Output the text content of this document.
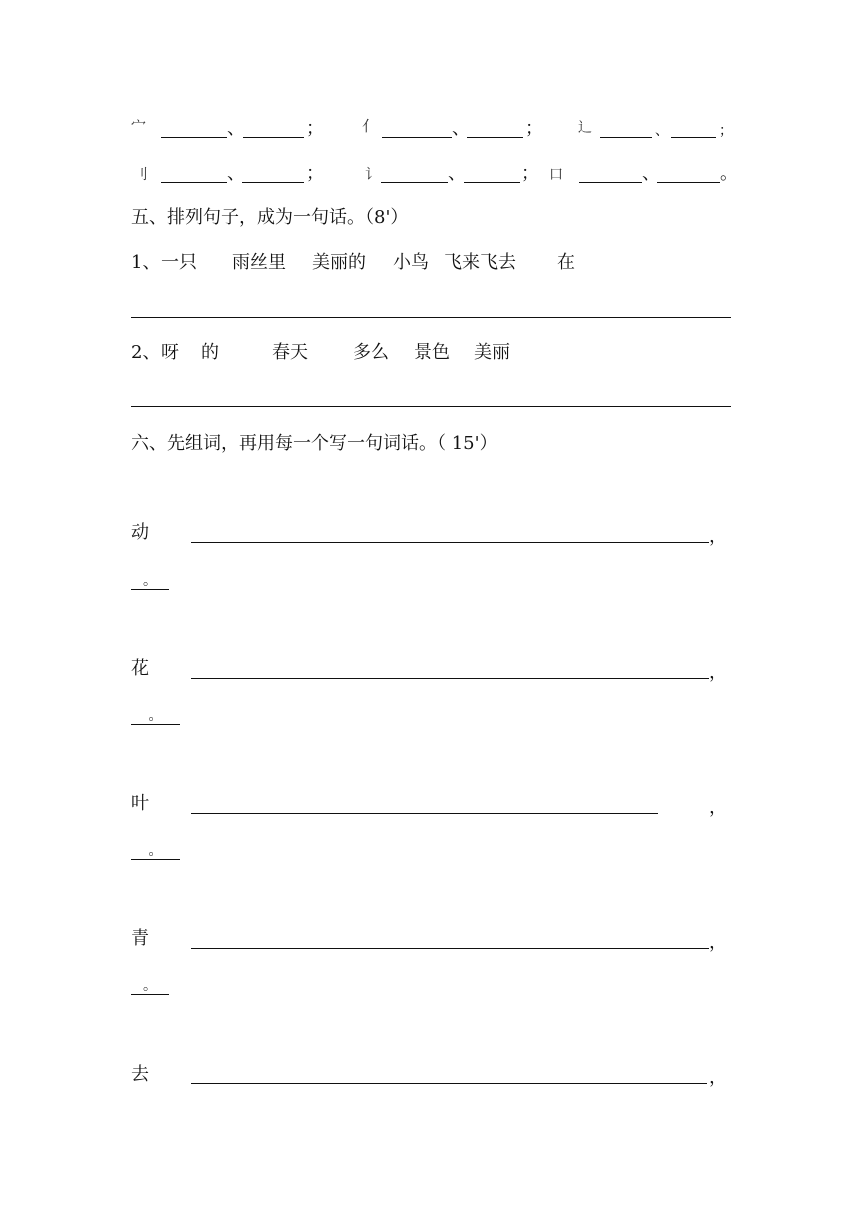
宀	、	；	亻	、	；	辶	、	；
刂	、	；	讠	、	； 口	、	。
五、排列句子，成为一句话。（8'）
1、 一只 雨丝里 美丽的 小鸟 飞来飞去 在
2、 呀 的	春天	多么 景色 美丽
六、先组词，再用每一个写一句词话。（ 15'）
动	，
。
花	，
。
叶	，
。
青	，
。
去	，
